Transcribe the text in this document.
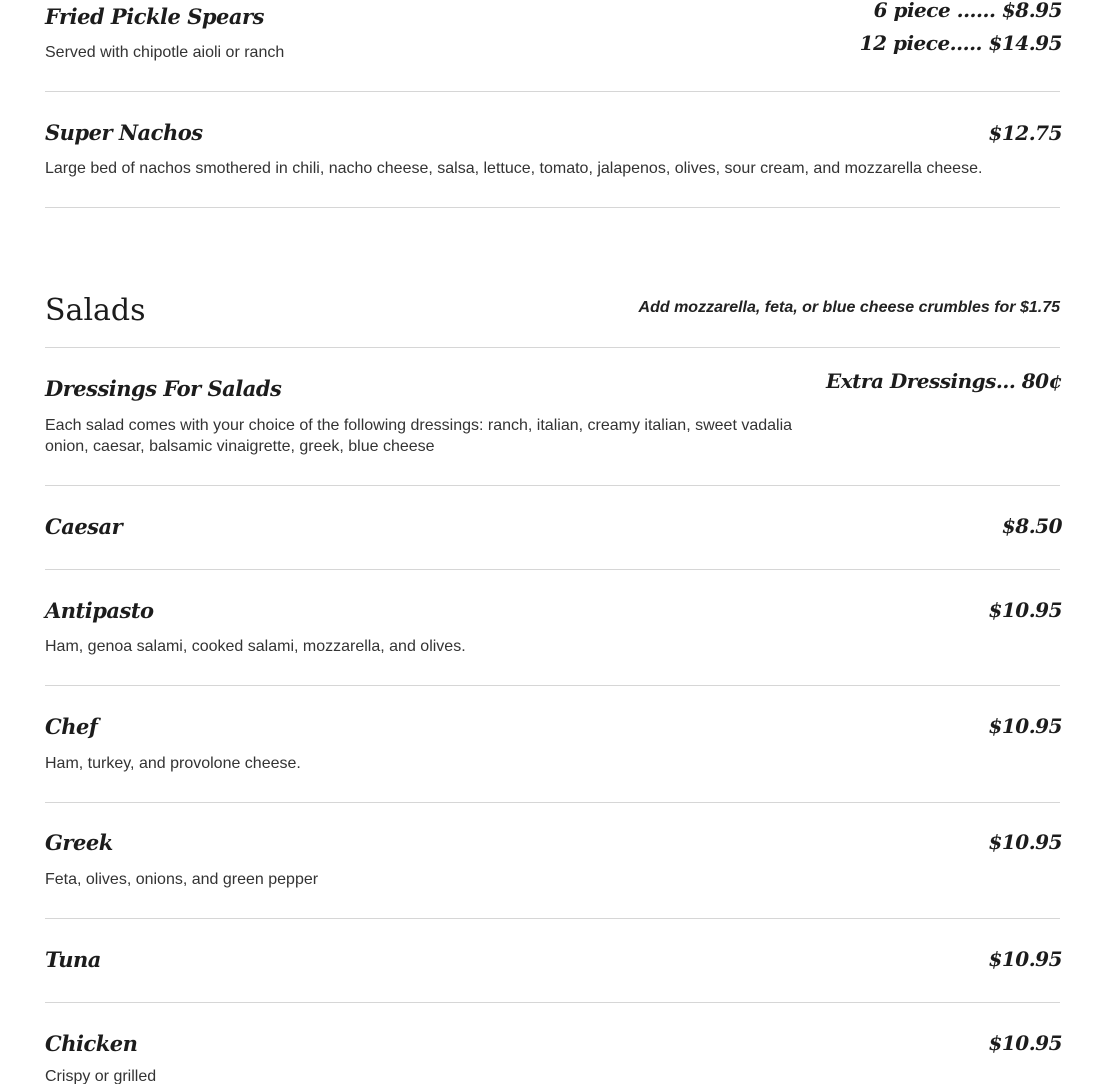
Fried Pickle Spears	6 piece ...... $8.95
12 piece..... $14.95
Served with chipotle aioli or ranch
Super Nachos	$12.75
Large bed of nachos smothered in chili, nacho cheese, salsa, lettuce, tomato, jalapenos, olives, sour cream, and mozzarella cheese.
Salads	Add mozzarella, feta, or blue cheese crumbles for $1.75
Dressings For Salads	Extra Dressings... 80¢
Each salad comes with your choice of the following dressings: ranch, italian, creamy italian, sweet vadalia
onion, caesar, balsamic vinaigrette, greek, blue cheese
Caesar	$8.50
Antipasto	$10.95
Ham, genoa salami, cooked salami, mozzarella, and olives.
Chef	$10.95
Ham, turkey, and provolone cheese.
Greek	$10.95
Feta, olives, onions, and green pepper
Tuna	$10.95
Chicken	$10.95
Crispy or grilled
